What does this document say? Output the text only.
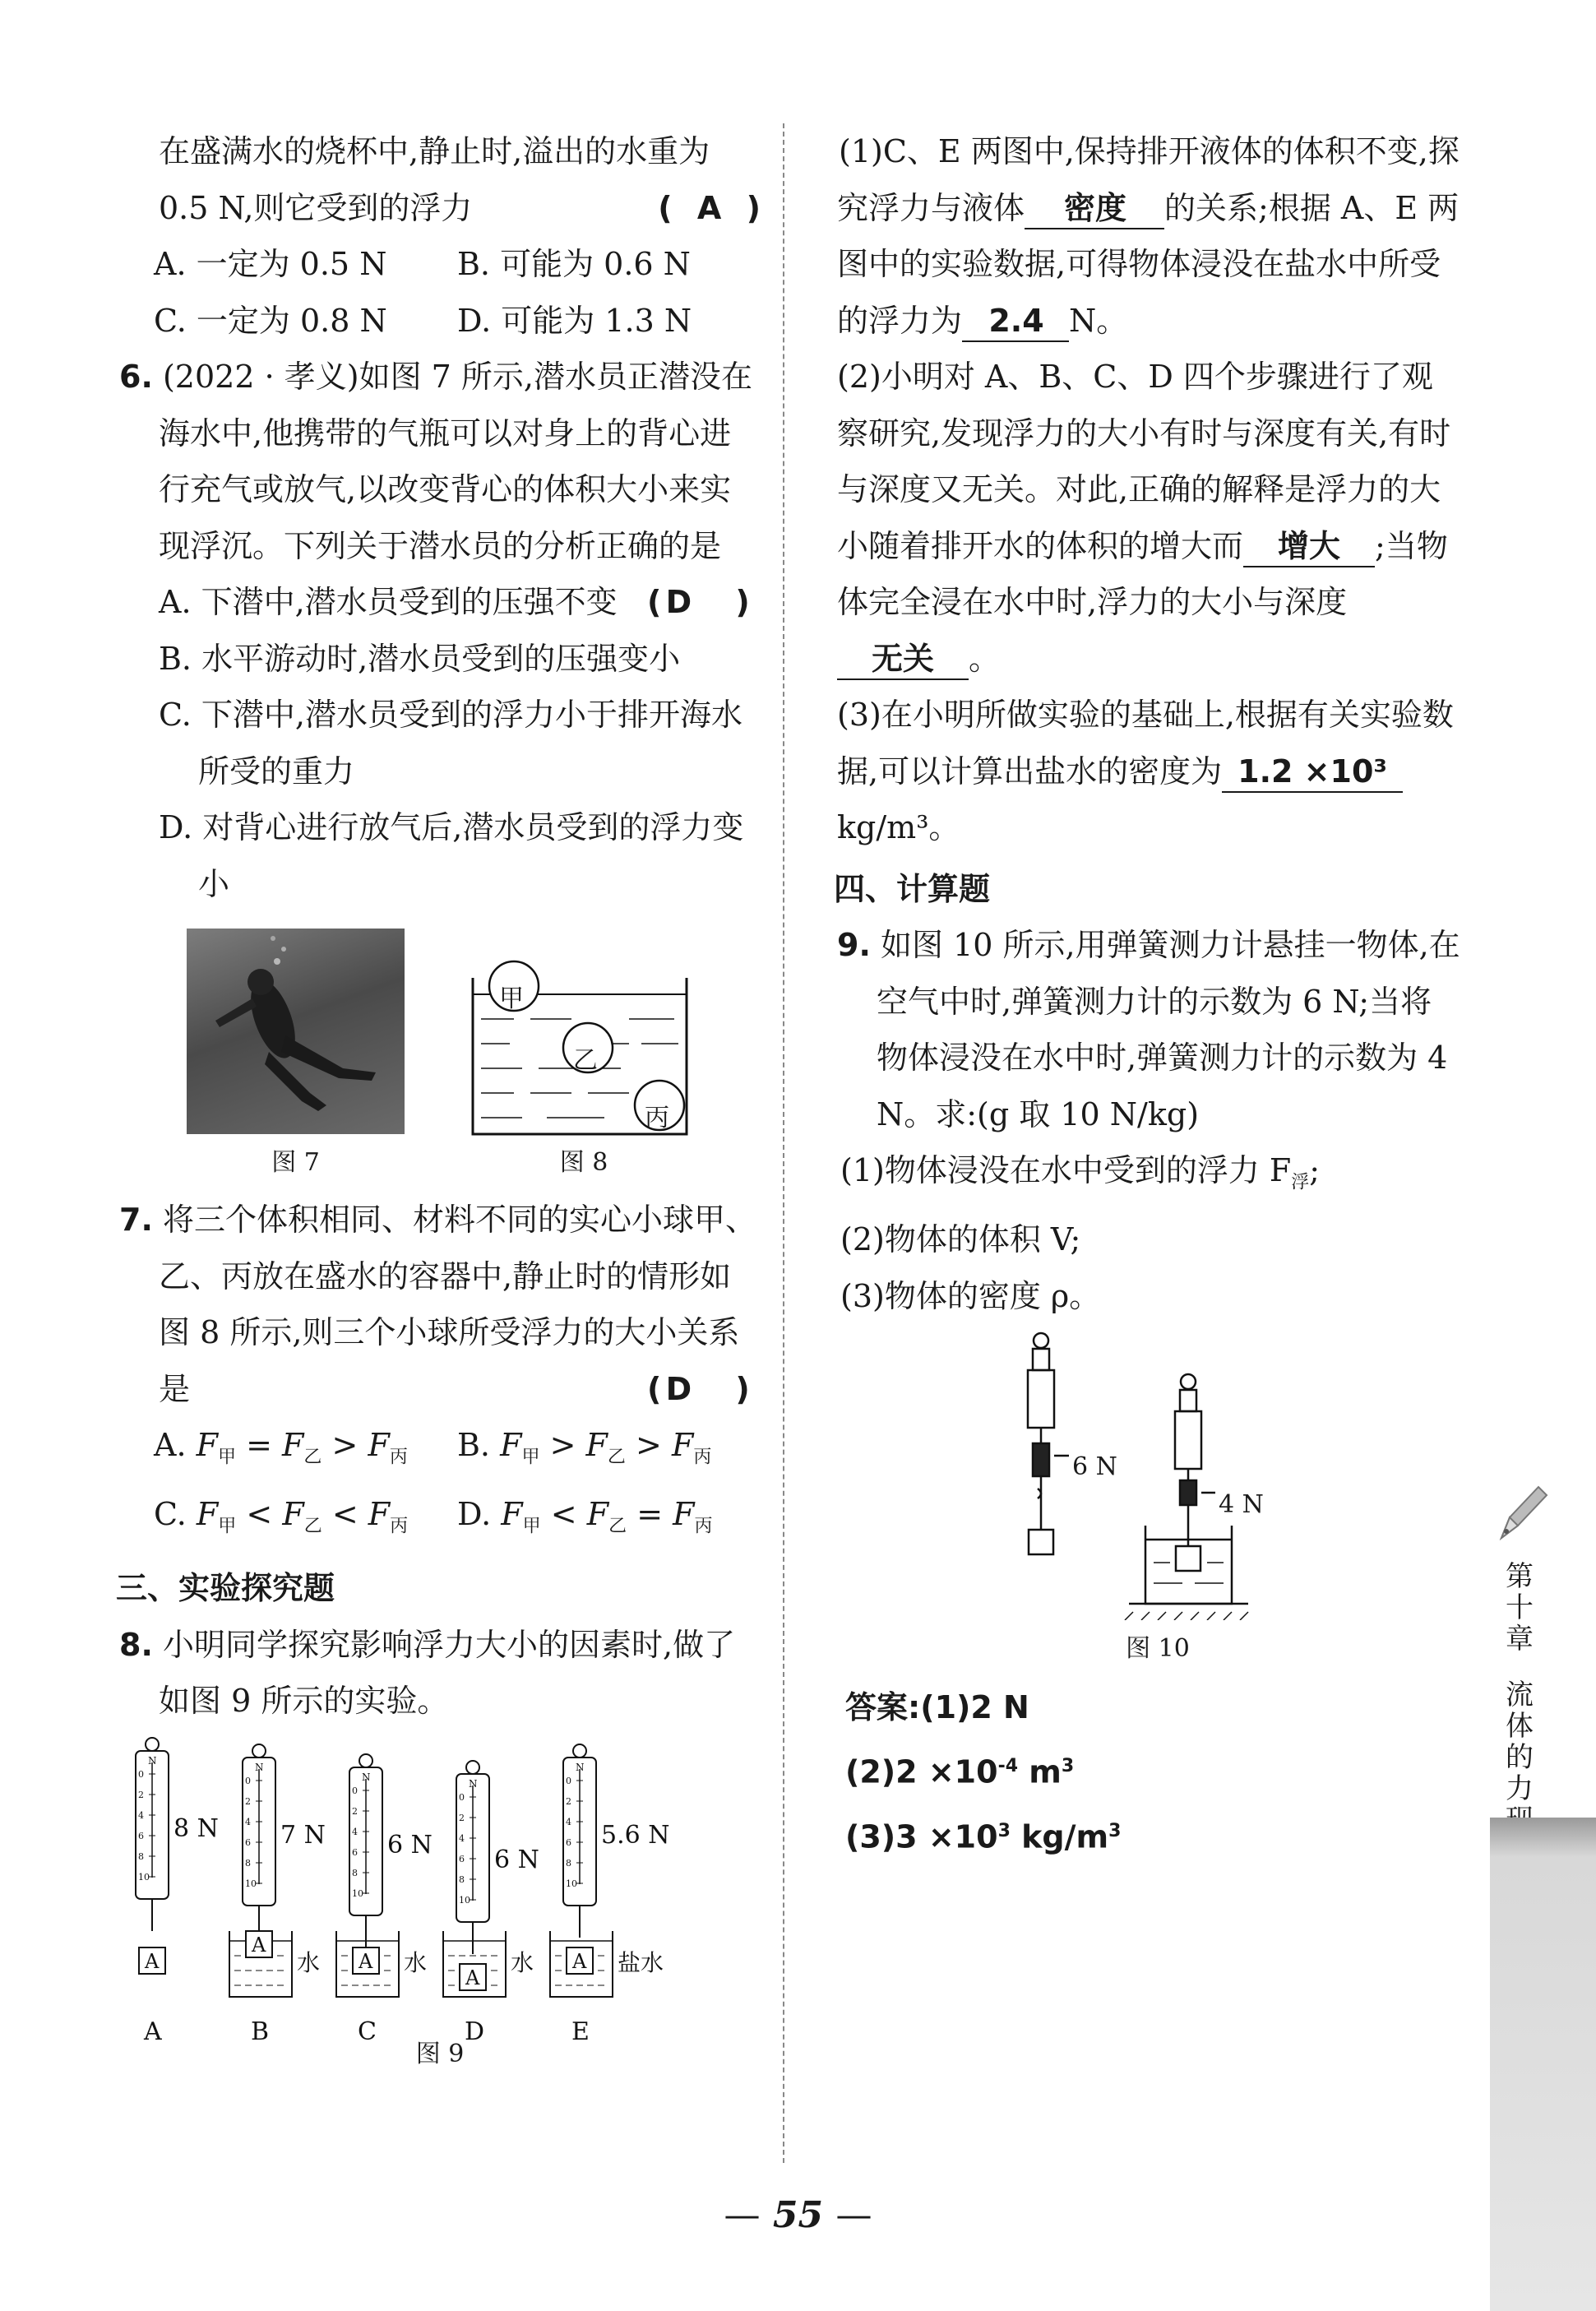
在盛满水的烧杯中,静止时,溢出的水重为

0.5 N,则它受到的浮力	( A )

A. 一定为 0.5 N	B. 可能为 0.6 N
C. 一定为 0.8 N	D. 可能为 1.3 N

6. (2022 · 孝义)如图 7 所示,潜水员正潜没在海水中,他携带的气瓶可以对身上的背心进行充气或放气,以改变背心的体积大小来实现浮沉。下列关于潜水员的分析正确的是
( D )

A. 下潜中,潜水员受到的压强不变

B. 水平游动时,潜水员受到的压强变小

C. 下潜中,潜水员受到的浮力小于排开海水所受的重力

D. 对背心进行放气后,潜水员受到的浮力变小

图 7
甲
乙
丙
图 8

7. 将三个体积相同、材料不同的实心小球甲、乙、丙放在盛水的容器中,静止时的情形如图 8 所示,则三个小球所受浮力的大小关系是	( D )

A. $F_甲 = F_乙 > F_丙$	B. $F_甲 > F_乙 > F_丙$
C. $F_甲 < F_乙 < F_丙$	D. $F_甲 < F_乙 = F_丙$
三、实验探究题

8. 小明同学探究影响浮力大小的因素时,做了如图 9 所示的实验。

N
0
2
4
6
8
10
8 N
A
A
N
0
2
4
6
8
10
7 N
A
水
B
N
0
2
4
6
8
10
6 N
A 水
C
N
0
2
4
6
8
10
6 N
A
水
D
N
0
2
4
6
8
10
5.6 N
A 盐水
E
图 9

(1)C、E 两图中,保持排开液体的体积不变,探究浮力与液体 密度 的关系;根据 A、E 两图中的实验数据,可得物体浸没在盐水中所受的浮力为 2.4 N。

(2)小明对 A、B、C、D 四个步骤进行了观察研究,发现浮力的大小有时与深度有关,有时与深度又无关。对此,正确的解释是浮力的大小随着排开水的体积的增大而 增大 ;当物体完全浸在水中时,浮力的大小与深度无关 。

(3)在小明所做实验的基础上,根据有关实验数据,可以计算出盐水的密度为 1.2 ×10³ kg/m³。

四、计算题

9. 如图 10 所示,用弹簧测力计悬挂一物体,在空气中时,弹簧测力计的示数为 6 N;当将物体浸没在水中时,弹簧测力计的示数为 4 N。求:(g 取 10 N/kg)

(1)物体浸没在水中受到的浮力 $F_浮$;

(2)物体的体积 V;

(3)物体的密度 ρ。

6 N
4 N
图 10
答案:(1)2 N
$(2)2 \times 10^{-4}$ $m^3$
$(3)3 \times 10^3$ $kg/m^3$
第十章
流体的力
— 55 —
